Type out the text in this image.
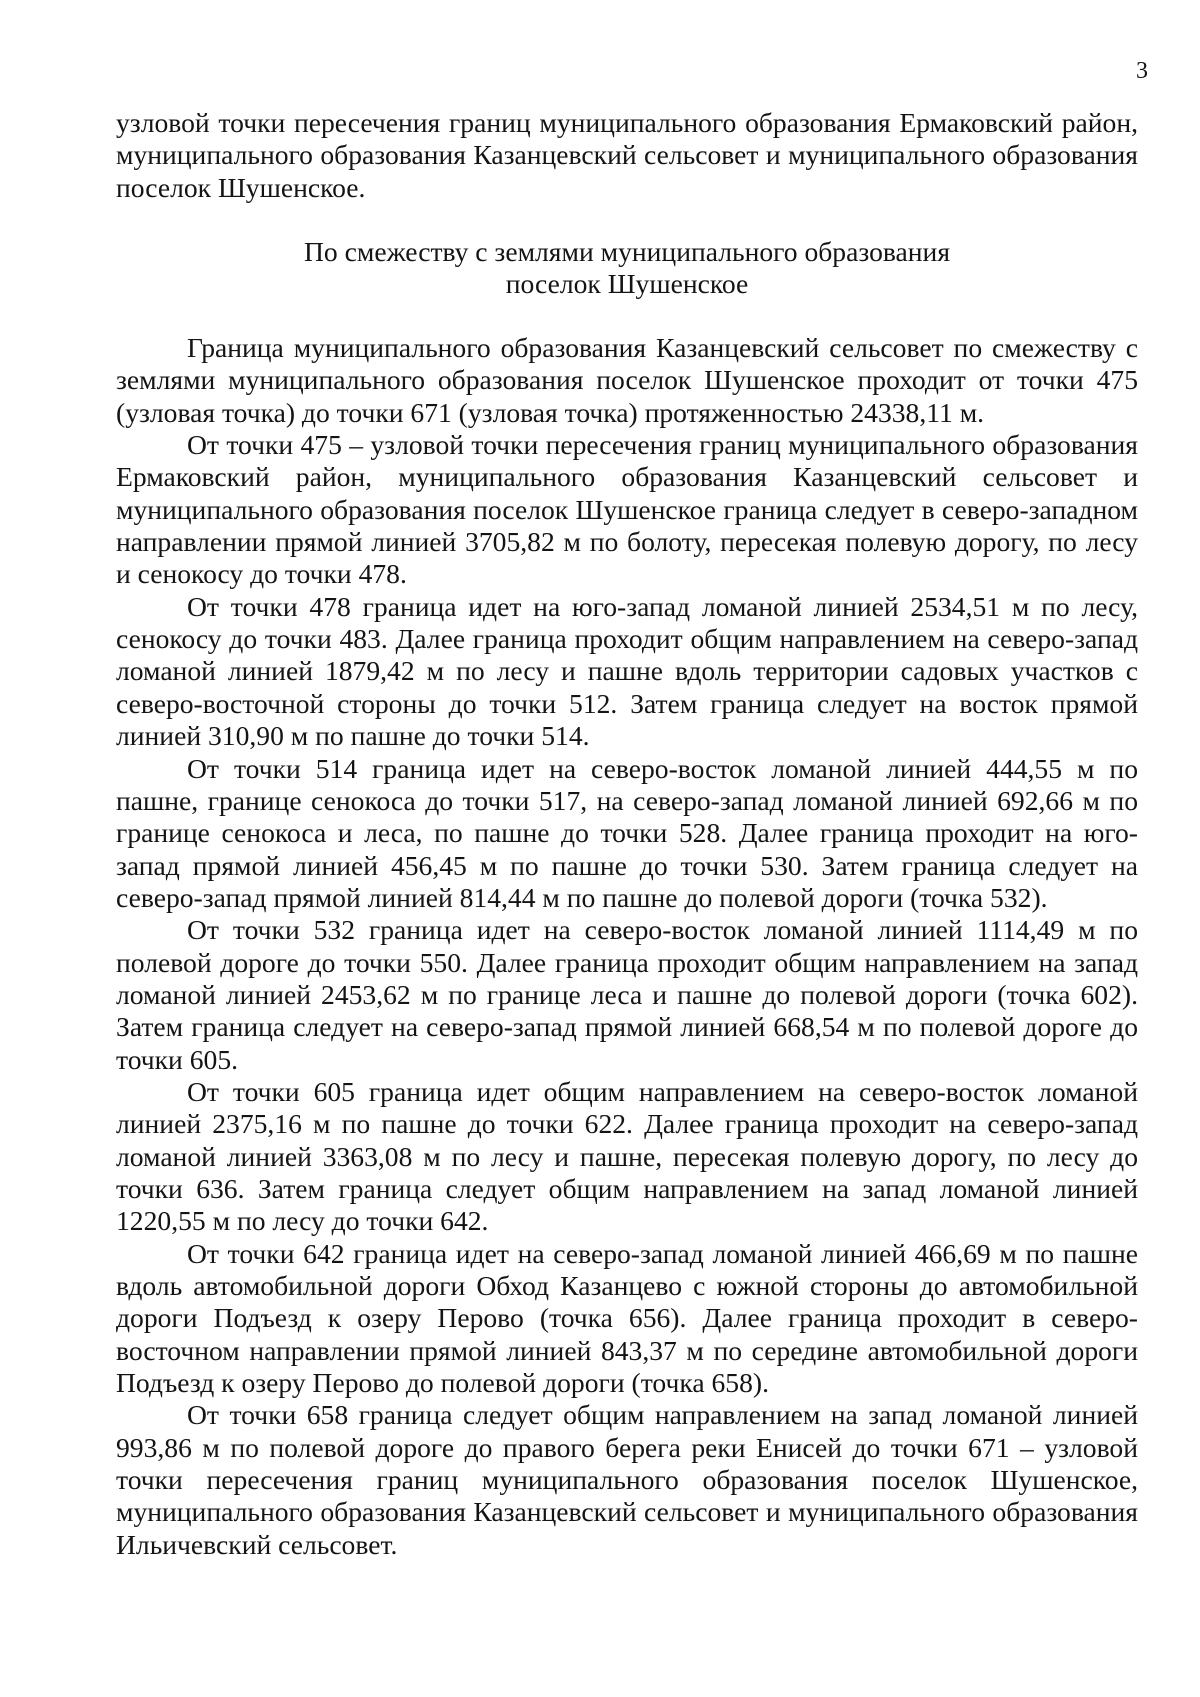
3

узловой точки пересечения границ муниципального образования Ермаковский район, муниципального образования Казанцевский сельсовет и муниципального образования поселок Шушенское.

По смежеству с землями муниципального образования
поселок Шушенское

Граница муниципального образования Казанцевский сельсовет по смежеству с землями муниципального образования поселок Шушенское проходит от точки 475 (узловая точка) до точки 671 (узловая точка) протяженностью 24338,11 м.

От точки 475 – узловой точки пересечения границ муниципального образования Ермаковский район, муниципального образования Казанцевский сельсовет и муниципального образования поселок Шушенское граница следует в северо-западном направлении прямой линией 3705,82 м по болоту, пересекая полевую дорогу, по лесу и сенокосу до точки 478.

От точки 478 граница идет на юго-запад ломаной линией 2534,51 м по лесу, сенокосу до точки 483. Далее граница проходит общим направлением на северо-запад ломаной линией 1879,42 м по лесу и пашне вдоль территории садовых участков с северо-восточной стороны до точки 512. Затем граница следует на восток прямой линией 310,90 м по пашне до точки 514.

От точки 514 граница идет на северо-восток ломаной линией 444,55 м по пашне, границе сенокоса до точки 517, на северо-запад ломаной линией 692,66 м по границе сенокоса и леса, по пашне до точки 528. Далее граница проходит на юго-запад прямой линией 456,45 м по пашне до точки 530. Затем граница следует на северо-запад прямой линией 814,44 м по пашне до полевой дороги (точка 532).

От точки 532 граница идет на северо-восток ломаной линией 1114,49 м по полевой дороге до точки 550. Далее граница проходит общим направлением на запад ломаной линией 2453,62 м по границе леса и пашне до полевой дороги (точка 602). Затем граница следует на северо-запад прямой линией 668,54 м по полевой дороге до точки 605.

От точки 605 граница идет общим направлением на северо-восток ломаной линией 2375,16 м по пашне до точки 622. Далее граница проходит на северо-запад ломаной линией 3363,08 м по лесу и пашне, пересекая полевую дорогу, по лесу до точки 636. Затем граница следует общим направлением на запад ломаной линией 1220,55 м по лесу до точки 642.

От точки 642 граница идет на северо-запад ломаной линией 466,69 м по пашне вдоль автомобильной дороги Обход Казанцево с южной стороны до автомобильной дороги Подъезд к озеру Перово (точка 656). Далее граница проходит в северо-восточном направлении прямой линией 843,37 м по середине автомобильной дороги Подъезд к озеру Перово до полевой дороги (точка 658).

От точки 658 граница следует общим направлением на запад ломаной линией 993,86 м по полевой дороге до правого берега реки Енисей до точки 671 – узловой точки пересечения границ муниципального образования поселок Шушенское, муниципального образования Казанцевский сельсовет и муниципального образования Ильичевский сельсовет.
